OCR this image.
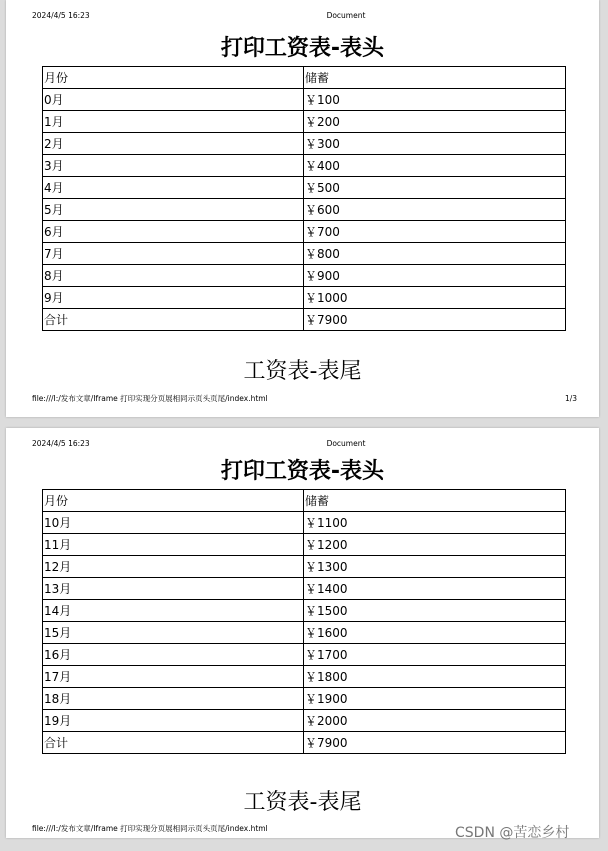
2024/4/5 16:23	Document
打印工资表-表头
月份	储蓄
0月	￥100
1月	￥200
2月	￥300
3月	￥400
4月	￥500
5月	￥600
6月	￥700
7月	￥800
8月	￥900
9月	￥1000
合计	￥7900
工资表-表尾
file:///I:/发布文章/Iframe 打印实现分页展相同示页头页尾/index.html	1/3
2024/4/5 16:23	Document
打印工资表-表头
月份	储蓄
10月	￥1100
11月	￥1200
12月	￥1300
13月	￥1400
14月	￥1500
15月	￥1600
16月	￥1700
17月	￥1800
18月	￥1900
19月	￥2000
合计	￥7900
工资表-表尾
file:///I:/发布文章/Iframe 打印实现分页展相同示页头页尾/index.html	CSDN @苦恋乡村
